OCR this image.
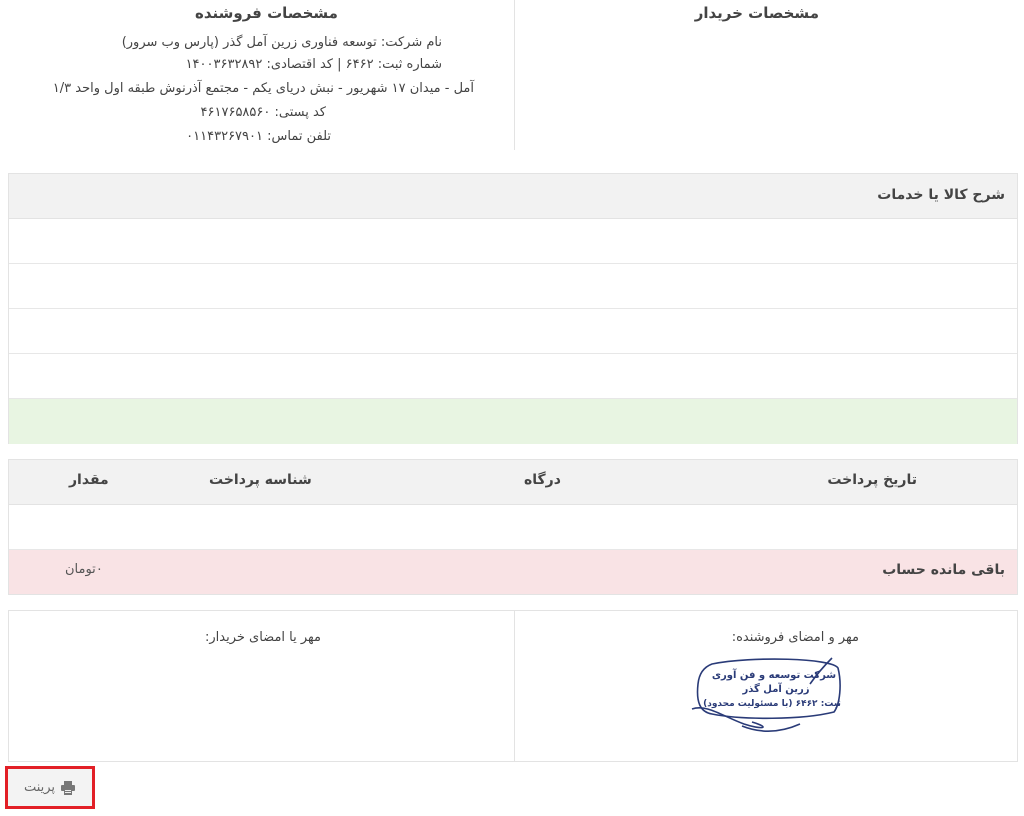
مشخصات خریدار
مشخصات فروشنده
نام شرکت: توسعه فناوری زرین آمل گذر (پارس وب سرور)
شماره ثبت: ۶۴۶۲ | کد اقتصادی: ۱۴۰۰۳۶۳۲۸۹۲
آمل - میدان ۱۷ شهریور - نبش دریای یکم - مجتمع آذرنوش طبقه اول واحد ۱/۳
کد پستی: ۴۶۱۷۶۵۸۵۶۰
تلفن تماس: ۰۱۱۴۳۲۶۷۹۰۱
شرح کالا یا خدمات
تاریخ پرداخت
درگاه
شناسه پرداخت
مقدار
باقی مانده حساب
۰تومان
مهر و امضای فروشنده:
مهر یا امضای خریدار:
شرکت توسعه و فن آوری
زرین آمل گذر
ثبت: ۶۴۶۲ (با مسئولیت محدود)
پرینت
